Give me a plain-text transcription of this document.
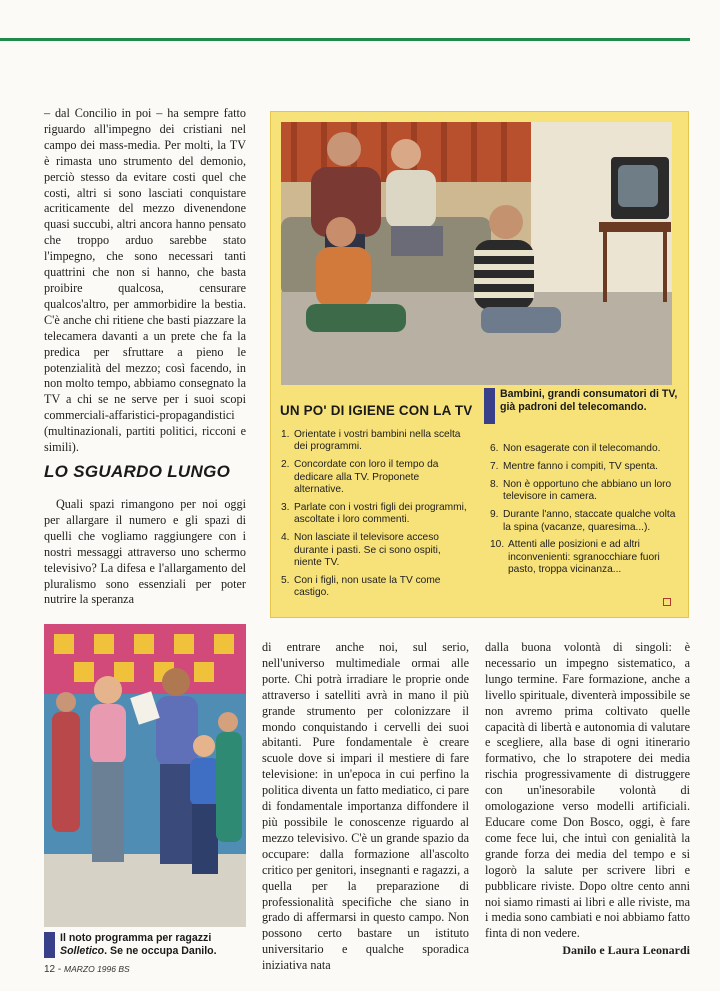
– dal Concilio in poi – ha sempre fatto riguardo all'impegno dei cristiani nel campo dei mass-media. Per molti, la TV è rimasta uno strumento del demonio, perciò stesso da evitare costi quel che costi, altri si sono lasciati conquistare acriticamente del mezzo divenendone quasi succubi, altri ancora hanno pensato che troppo arduo sarebbe stato l'impegno, che sono necessari tanti quattrini che non si hanno, che basta proibire qualcosa, censurare qualcos'altro, per ammorbidire la bestia. C'è anche chi ritiene che basti piazzare la telecamera davanti a un prete che fa la predica per sfruttare a pieno le potenzialità del mezzo; così facendo, in non molto tempo, abbiamo consegnato la TV a chi se ne serve per i suoi scopi commerciali-affaristici-propagandistici (multinazionali, partiti politici, ricconi e simili).

LO SGUARDO LUNGO

Quali spazi rimangono per noi oggi per allargare il numero e gli spazi di quelli che vogliamo raggiungere con i nostri messaggi attraverso uno schermo televisivo? La difesa e l'allargamento del pluralismo sono essenziali per poter nutrire la speranza

Bambini, grandi consumatori di TV, già padroni del telecomando.
UN PO' DI IGIENE CON LA TV
1. Orientate i vostri bambini nella scelta dei programmi.
2. Concordate con loro il tempo da dedicare alla TV. Proponete alternative.
3. Parlate con i vostri figli dei programmi, ascoltate i loro commenti.
4. Non lasciate il televisore acceso durante i pasti. Se ci sono ospiti, niente TV.
5. Con i figli, non usate la TV come castigo.
6. Non esagerate con il telecomando.
7. Mentre fanno i compiti, TV spenta.
8. Non è opportuno che abbiano un loro televisore in camera.
9. Durante l'anno, staccate qualche volta la spina (vacanze, quaresima...).
10. Attenti alle posizioni e ad altri inconvenienti: sgranocchiare fuori pasto, troppa vicinanza...
Il noto programma per ragazzi
Solletico. Se ne occupa Danilo.

di entrare anche noi, sul serio, nell'universo multimediale ormai alle porte. Chi potrà irradiare le proprie onde attraverso i satelliti avrà in mano il più grande strumento per colonizzare il mondo conquistando i cervelli dei suoi abitanti. Pure fondamentale è creare scuole dove si impari il mestiere di fare televisione: in un'epoca in cui perfino la politica diventa un fatto mediatico, ci pare di fondamentale importanza diffondere il più possibile le conoscenze riguardo al mezzo televisivo. C'è un grande spazio da occupare: dalla formazione all'ascolto critico per genitori, insegnanti e ragazzi, a quella per la preparazione di professionalità specifiche che siano in grado di affermarsi in questo campo. Non possono certo bastare un istituto universitario e qualche sporadica iniziativa nata

dalla buona volontà di singoli: è necessario un impegno sistematico, a lungo termine. Fare formazione, anche a livello spirituale, diventerà impossibile se non avremo prima coltivato quelle capacità di libertà e autonomia di valutare e scegliere, alla base di ogni itinerario formativo, che lo strapotere dei media rischia progressivamente di distruggere con un'inesorabile volontà di omologazione verso modelli artificiali. Educare come Don Bosco, oggi, è fare come fece lui, che intuì con genialità la grande forza dei media del tempo e si logorò la salute per scrivere libri e pubblicare riviste. Dopo oltre cento anni noi siamo rimasti ai libri e alle riviste, ma i media sono cambiati e noi abbiamo fatto finta di non vedere.

Danilo e Laura Leonardi
12 - MARZO 1996 BS
